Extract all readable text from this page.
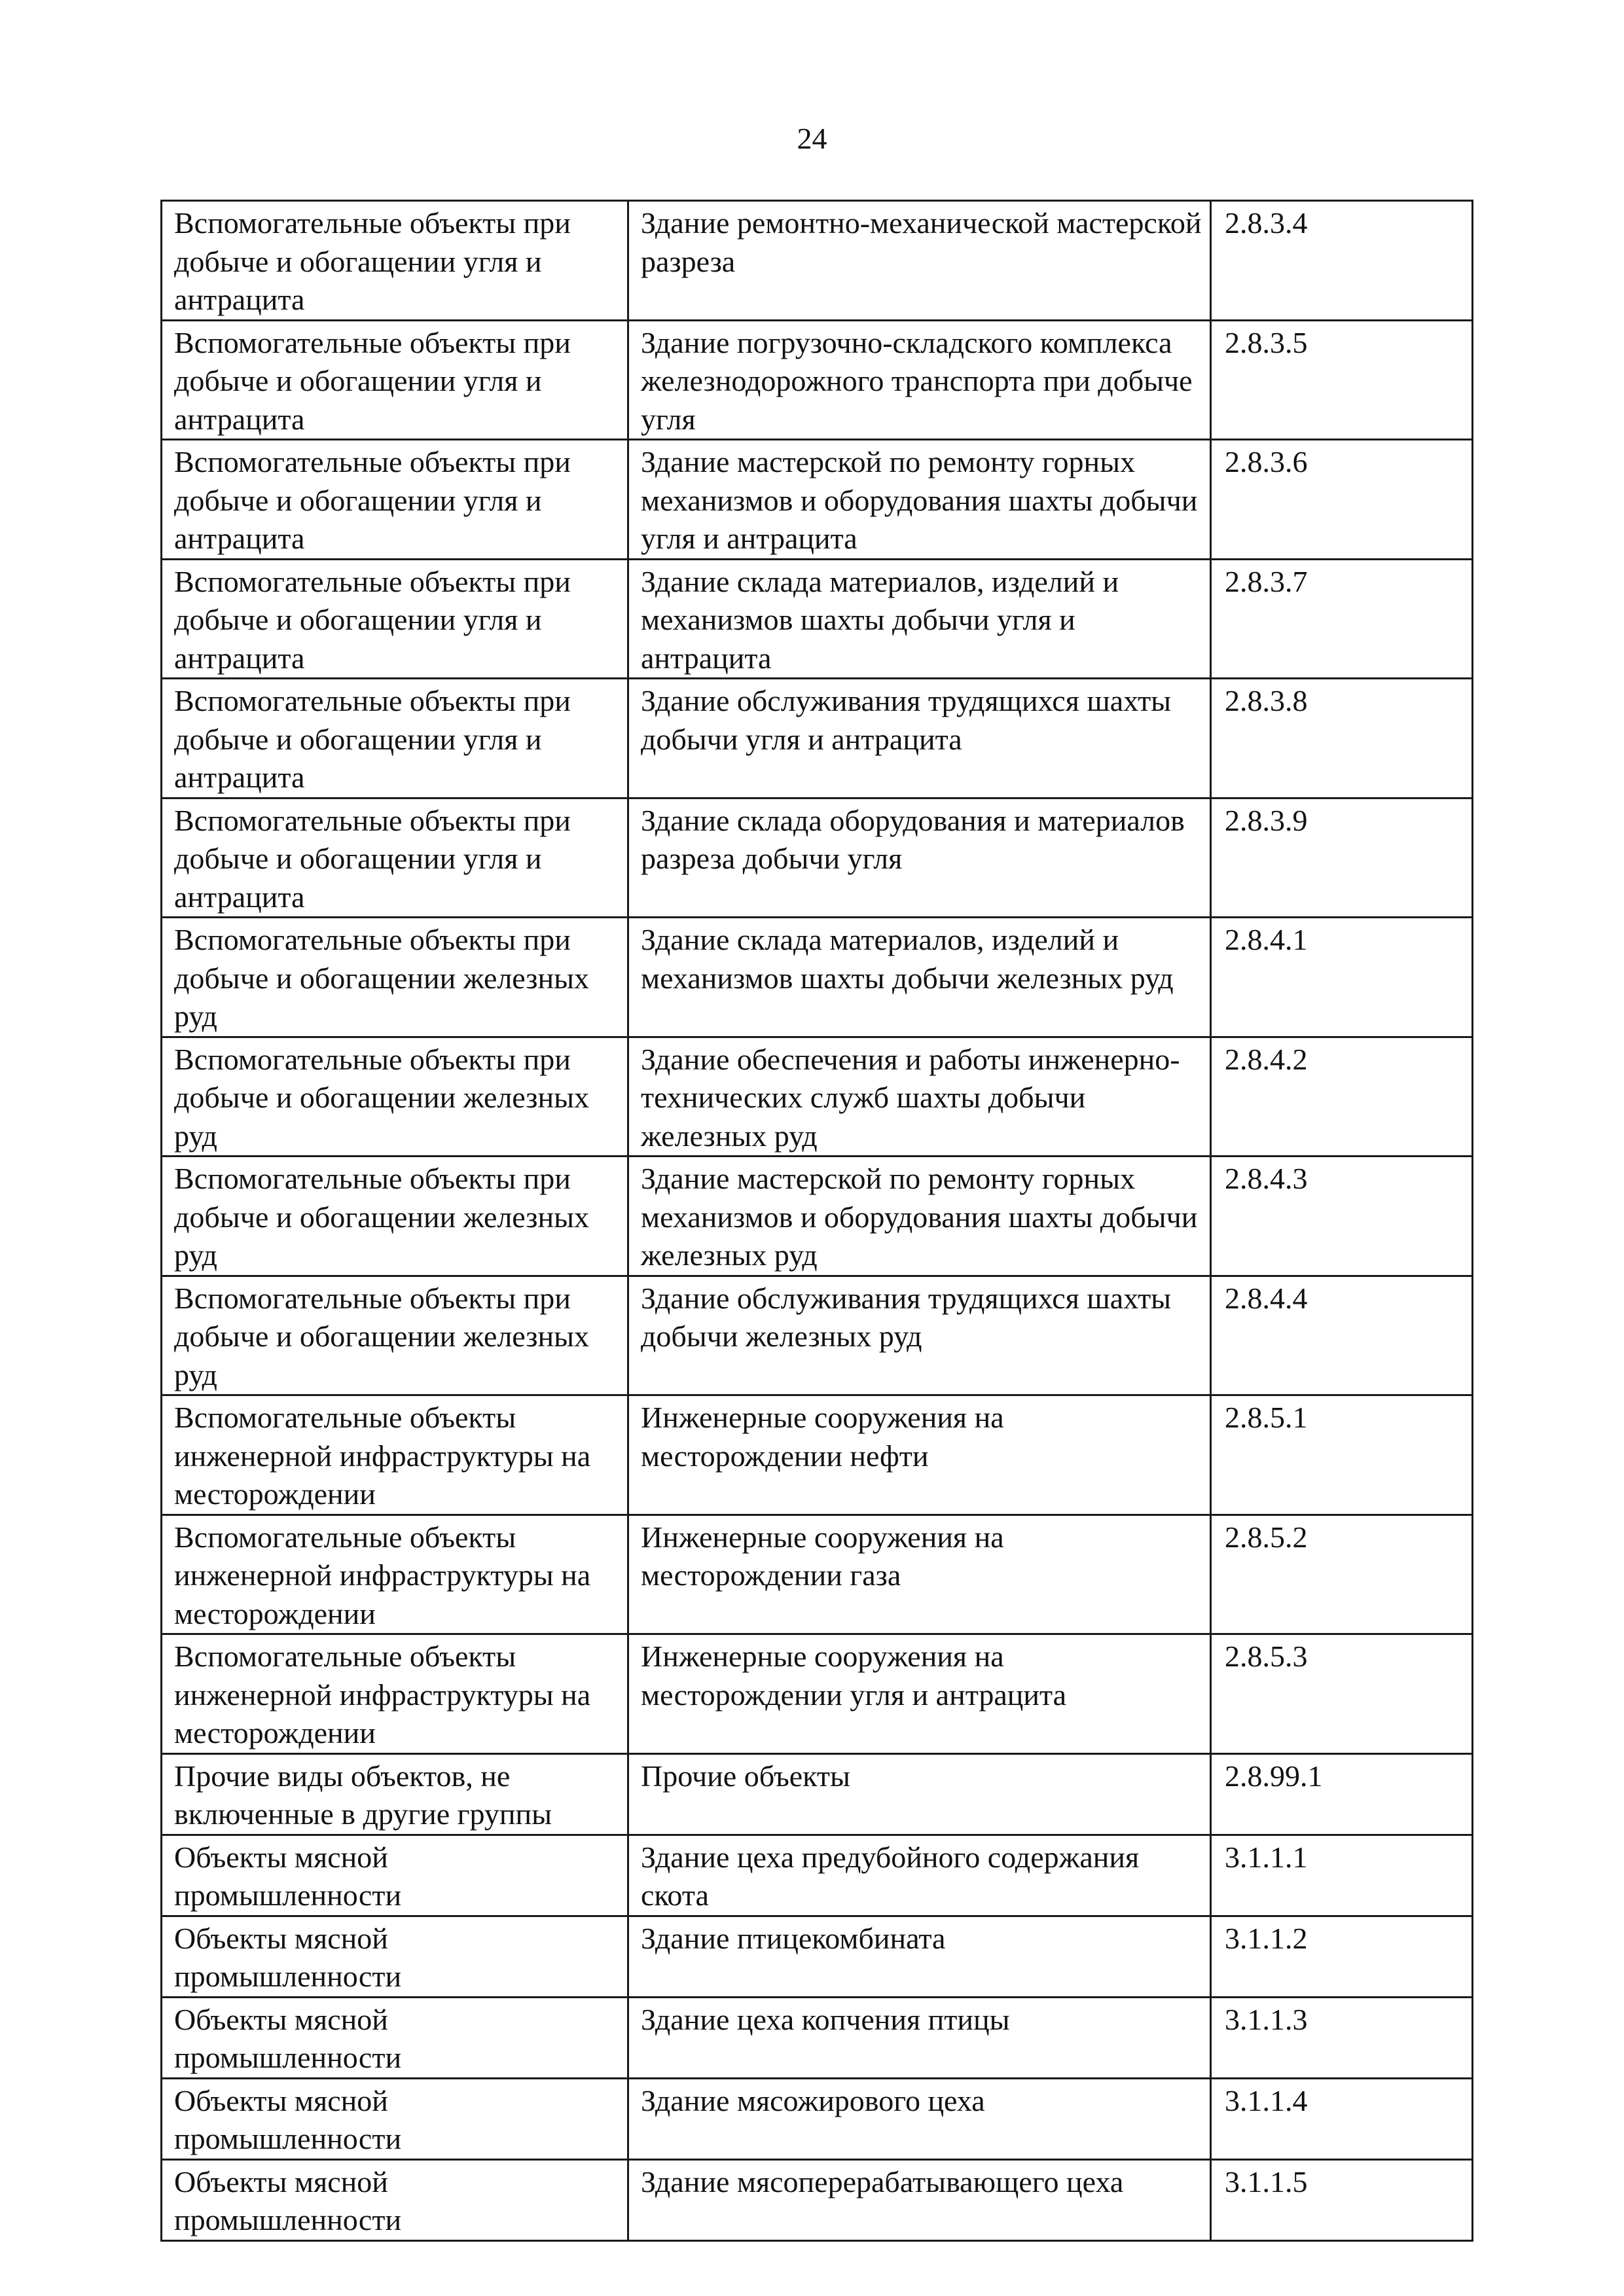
24
Вспомогательные объекты при добыче и обогащении угля и антрацита	Здание ремонтно-механической мастерской разреза	2.8.3.4
Вспомогательные объекты при добыче и обогащении угля и антрацита	Здание погрузочно-складского комплекса железнодорожного транспорта при добыче угля	2.8.3.5
Вспомогательные объекты при добыче и обогащении угля и антрацита	Здание мастерской по ремонту горных механизмов и оборудования шахты добычи угля и антрацита	2.8.3.6
Вспомогательные объекты при добыче и обогащении угля и антрацита	Здание склада материалов, изделий и механизмов шахты добычи угля и антрацита	2.8.3.7
Вспомогательные объекты при добыче и обогащении угля и антрацита	Здание обслуживания трудящихся шахты добычи угля и антрацита	2.8.3.8
Вспомогательные объекты при добыче и обогащении угля и антрацита	Здание склада оборудования и материалов разреза добычи угля	2.8.3.9
Вспомогательные объекты при добыче и обогащении железных руд	Здание склада материалов, изделий и механизмов шахты добычи железных руд	2.8.4.1
Вспомогательные объекты при добыче и обогащении железных руд	Здание обеспечения и работы инженерно-технических служб шахты добычи железных руд	2.8.4.2
Вспомогательные объекты при добыче и обогащении железных руд	Здание мастерской по ремонту горных механизмов и оборудования шахты добычи железных руд	2.8.4.3
Вспомогательные объекты при добыче и обогащении железных руд	Здание обслуживания трудящихся шахты добычи железных руд	2.8.4.4
Вспомогательные объекты инженерной инфраструктуры на месторождении	Инженерные сооружения на месторождении нефти	2.8.5.1
Вспомогательные объекты инженерной инфраструктуры на месторождении	Инженерные сооружения на месторождении газа	2.8.5.2
Вспомогательные объекты инженерной инфраструктуры на месторождении	Инженерные сооружения на месторождении угля и антрацита	2.8.5.3
Прочие виды объектов, не включенные в другие группы	Прочие объекты	2.8.99.1
Объекты мясной промышленности	Здание цеха предубойного содержания скота	3.1.1.1
Объекты мясной промышленности	Здание птицекомбината	3.1.1.2
Объекты мясной промышленности	Здание цеха копчения птицы	3.1.1.3
Объекты мясной промышленности	Здание мясожирового цеха	3.1.1.4
Объекты мясной промышленности	Здание мясоперерабатывающего цеха	3.1.1.5
